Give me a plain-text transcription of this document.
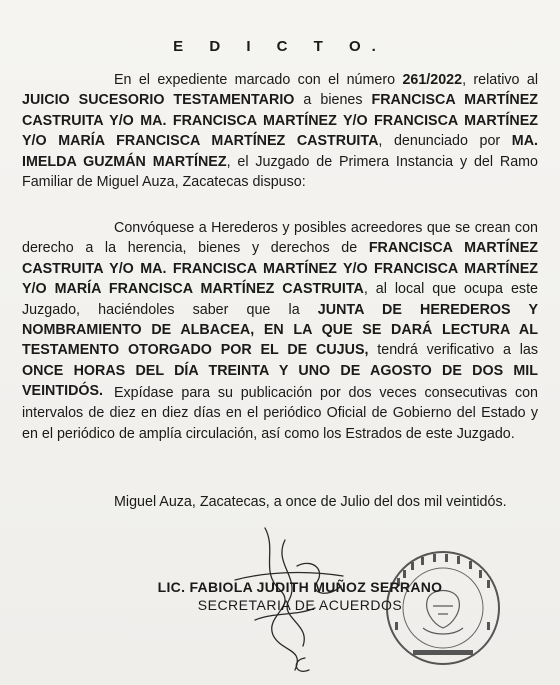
E D I C T O.
En el expediente marcado con el número 261/2022, relativo al JUICIO SUCESORIO TESTAMENTARIO a bienes FRANCISCA MARTÍNEZ CASTRUITA Y/O MA. FRANCISCA MARTÍNEZ Y/O FRANCISCA MARTÍNEZ Y/O MARÍA FRANCISCA MARTÍNEZ CASTRUITA, denunciado por MA. IMELDA GUZMÁN MARTÍNEZ, el Juzgado de Primera Instancia y del Ramo Familiar de Miguel Auza, Zacatecas dispuso:
Convóquese a Herederos y posibles acreedores que se crean con derecho a la herencia, bienes y derechos de FRANCISCA MARTÍNEZ CASTRUITA Y/O MA. FRANCISCA MARTÍNEZ Y/O FRANCISCA MARTÍNEZ Y/O MARÍA FRANCISCA MARTÍNEZ CASTRUITA, al local que ocupa este Juzgado, haciéndoles saber que la JUNTA DE HEREDEROS Y NOMBRAMIENTO DE ALBACEA, EN LA QUE SE DARÁ LECTURA AL TESTAMENTO OTORGADO POR EL DE CUJUS, tendrá verificativo a las ONCE HORAS DEL DÍA TREINTA Y UNO DE AGOSTO DE DOS MIL VEINTIDÓS. Expídase para su publicación por dos veces consecutivas con intervalos de diez en diez días en el periódico Oficial de Gobierno del Estado y en el periódico de amplía circulación, así como los Estrados de este Juzgado.
Miguel Auza, Zacatecas, a once de Julio del dos mil veintidós.
LIC. FABIOLA JUDITH MUÑOZ SERRANO
SECRETARIA DE ACUERDOS
